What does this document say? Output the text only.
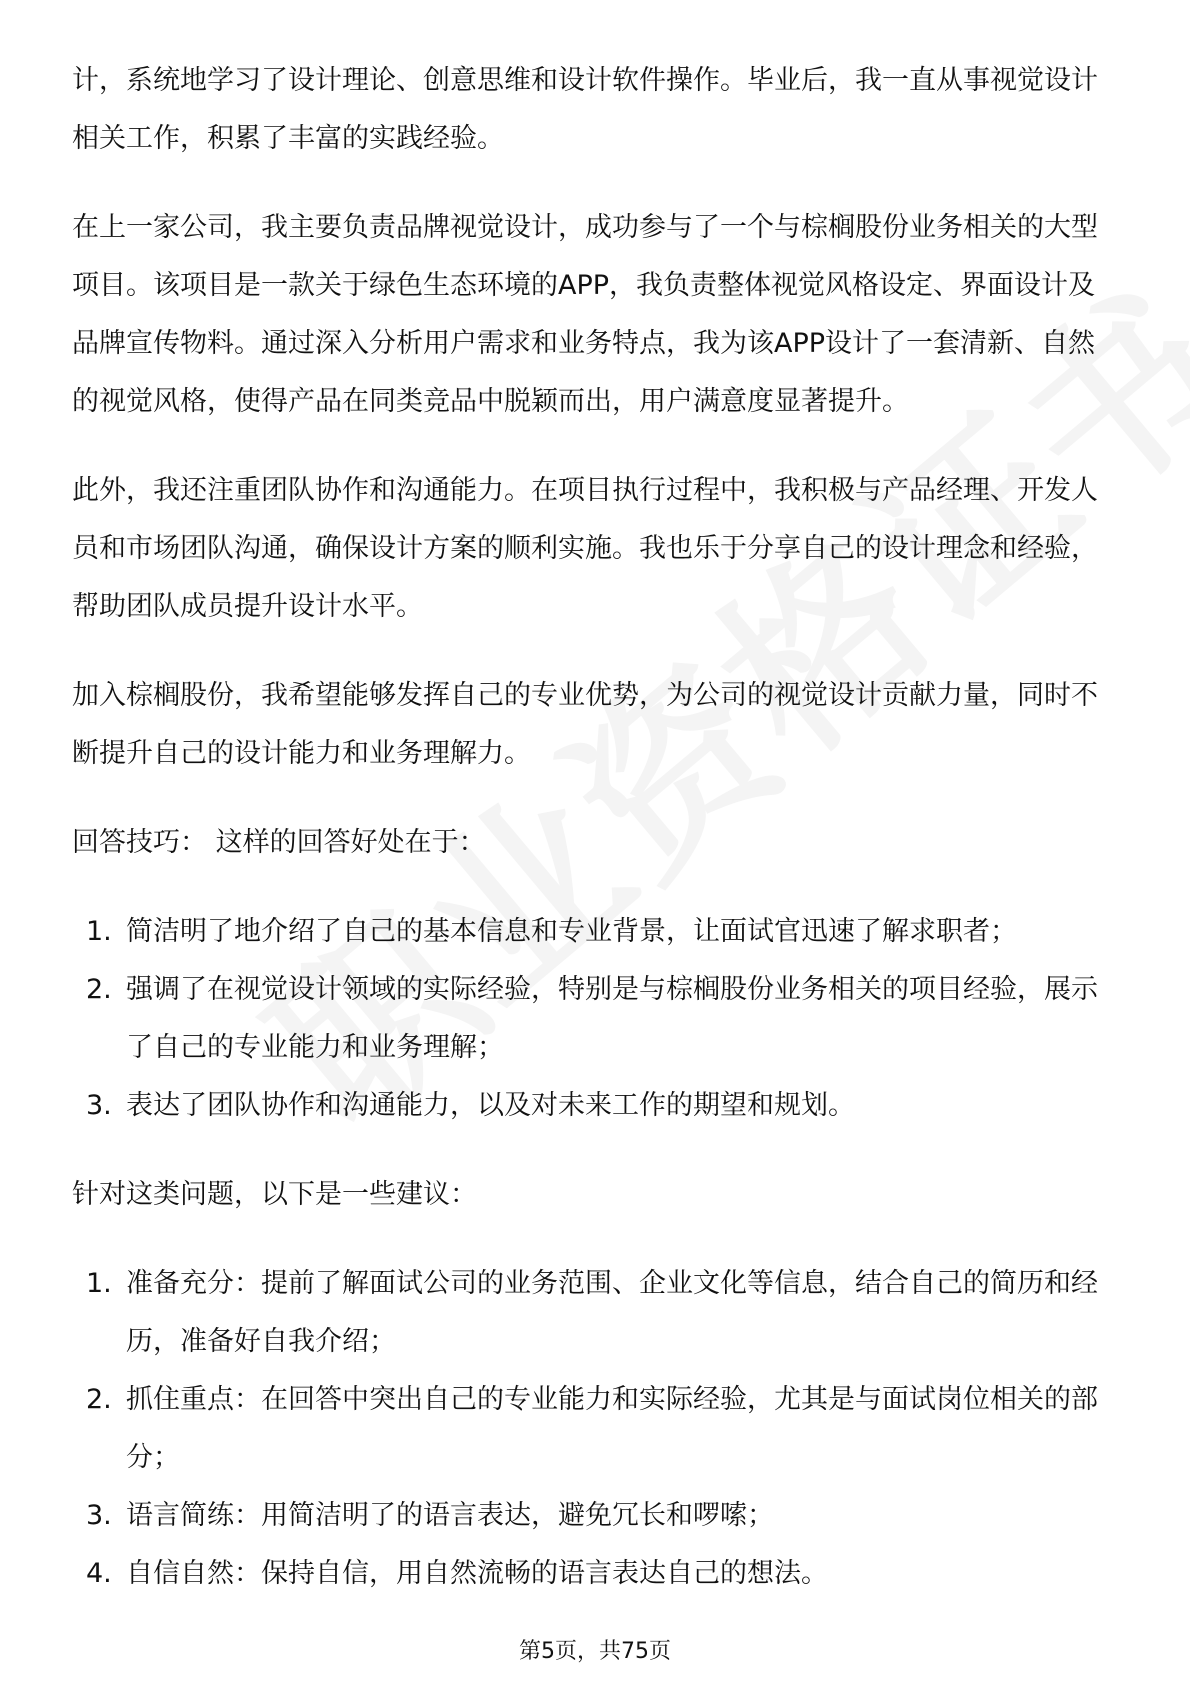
计，系统地学习了设计理论、创意思维和设计软件操作。毕业后，我一直从事视觉设计相关工作，积累了丰富的实践经验。

在上一家公司，我主要负责品牌视觉设计，成功参与了一个与棕榈股份业务相关的大型项目。该项目是一款关于绿色生态环境的APP，我负责整体视觉风格设定、界面设计及品牌宣传物料。通过深入分析用户需求和业务特点，我为该APP设计了一套清新、自然的视觉风格，使得产品在同类竞品中脱颖而出，用户满意度显著提升。

此外，我还注重团队协作和沟通能力。在项目执行过程中，我积极与产品经理、开发人员和市场团队沟通，确保设计方案的顺利实施。我也乐于分享自己的设计理念和经验，帮助团队成员提升设计水平。

加入棕榈股份，我希望能够发挥自己的专业优势，为公司的视觉设计贡献力量，同时不断提升自己的设计能力和业务理解力。

回答技巧： 这样的回答好处在于：

1. 简洁明了地介绍了自己的基本信息和专业背景，让面试官迅速了解求职者；
2. 强调了在视觉设计领域的实际经验，特别是与棕榈股份业务相关的项目经验，展示了自己的专业能力和业务理解；
3. 表达了团队协作和沟通能力，以及对未来工作的期望和规划。

针对这类问题，以下是一些建议：

1. 准备充分：提前了解面试公司的业务范围、企业文化等信息，结合自己的简历和经历，准备好自我介绍；
2. 抓住重点：在回答中突出自己的专业能力和实际经验，尤其是与面试岗位相关的部分；
3. 语言简练：用简洁明了的语言表达，避免冗长和啰嗦；
4. 自信自然：保持自信，用自然流畅的语言表达自己的想法。
第5页，共75页
